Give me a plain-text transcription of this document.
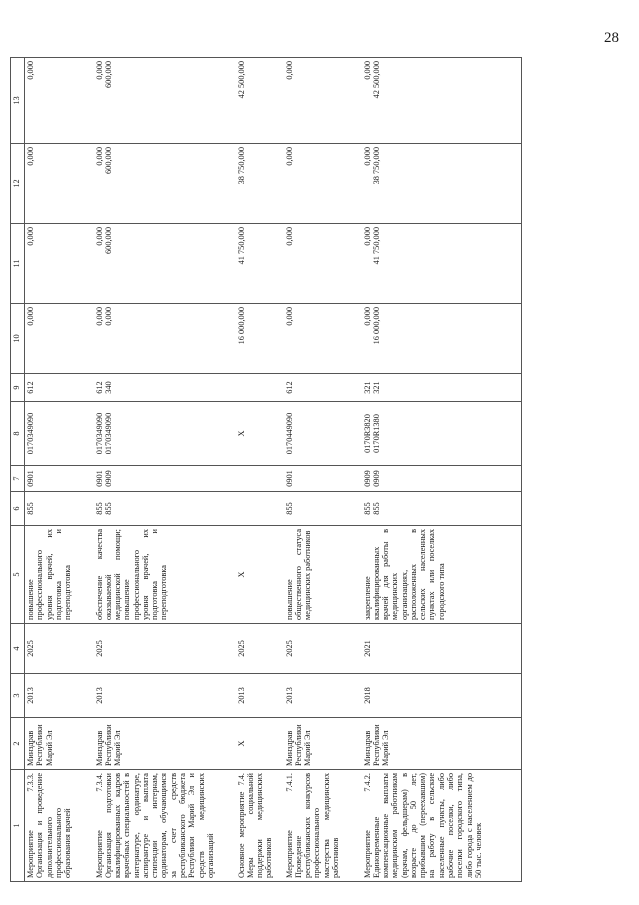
28
1	2	3	4	5	6	7	8	9	10	11	12	13
Мероприятие 7.3.3. Организация и проведение дополнительного профессионального образования врачей	Минздрав Республики Марий Эл	2013	2025	повышение профессионального уровня врачей, их подготовка и переподготовка	855	0901	0170349090	612	0,000	0,000	0,000	0,000

Мероприятие 7.3.4. Организация подготовки квалифицированных кадров врачебных специальностей в интернатуре, ординатуре, аспирантуре и выплата стипендии интернам, ординаторам, обучающимся за счет средств республиканского бюджета Республики Марий Эл и средств медицинских организаций	Минздрав Республики Марий Эл	2013	2025	обеспечение качества оказываемой медицинской помощи; повышение профессионального уровня врачей, их подготовка и переподготовка	855 855	0901 0909	0170349090 0170349090	612 340	0,000 0,000	0,000 600,000	0,000 600,000	0,000 600,000

Основное мероприятие 7.4. Меры социальной поддержки медицинских работников	X	2013	2025	X			X		16 000,000	41 750,000	38 750,000	42 500,000

Мероприятие 7.4.1. Проведение республиканских конкурсов профессионального мастерства медицинских работников	Минздрав Республики Марий Эл	2013	2025	повышение общественного статуса медицинских работников	855	0901	0170449090	612	0,000	0,000	0,000	0,000

Мероприятие 7.4.2. Единовременные компенсационные выплаты медицинским работникам (врачам, фельдшерам) в возрасте до 50 лет, прибывшим (переехавшим) на работу в сельские населенные пункты, либо рабочие поселки, либо поселки городского типа, либо города с населением до 50 тыс. человек	Минздрав Республики Марий Эл	2018	2021	закрепление квалифицированных врачей для работы в медицинских организациях, расположенных в сельских населенных пунктах или поселках городского типа	855 855	0909 0909	0170R3820 0170R1380	321 321	0,000 16 000,000	0,000 41 750,000	0,000 38 750,000	0,000 42 500,000
